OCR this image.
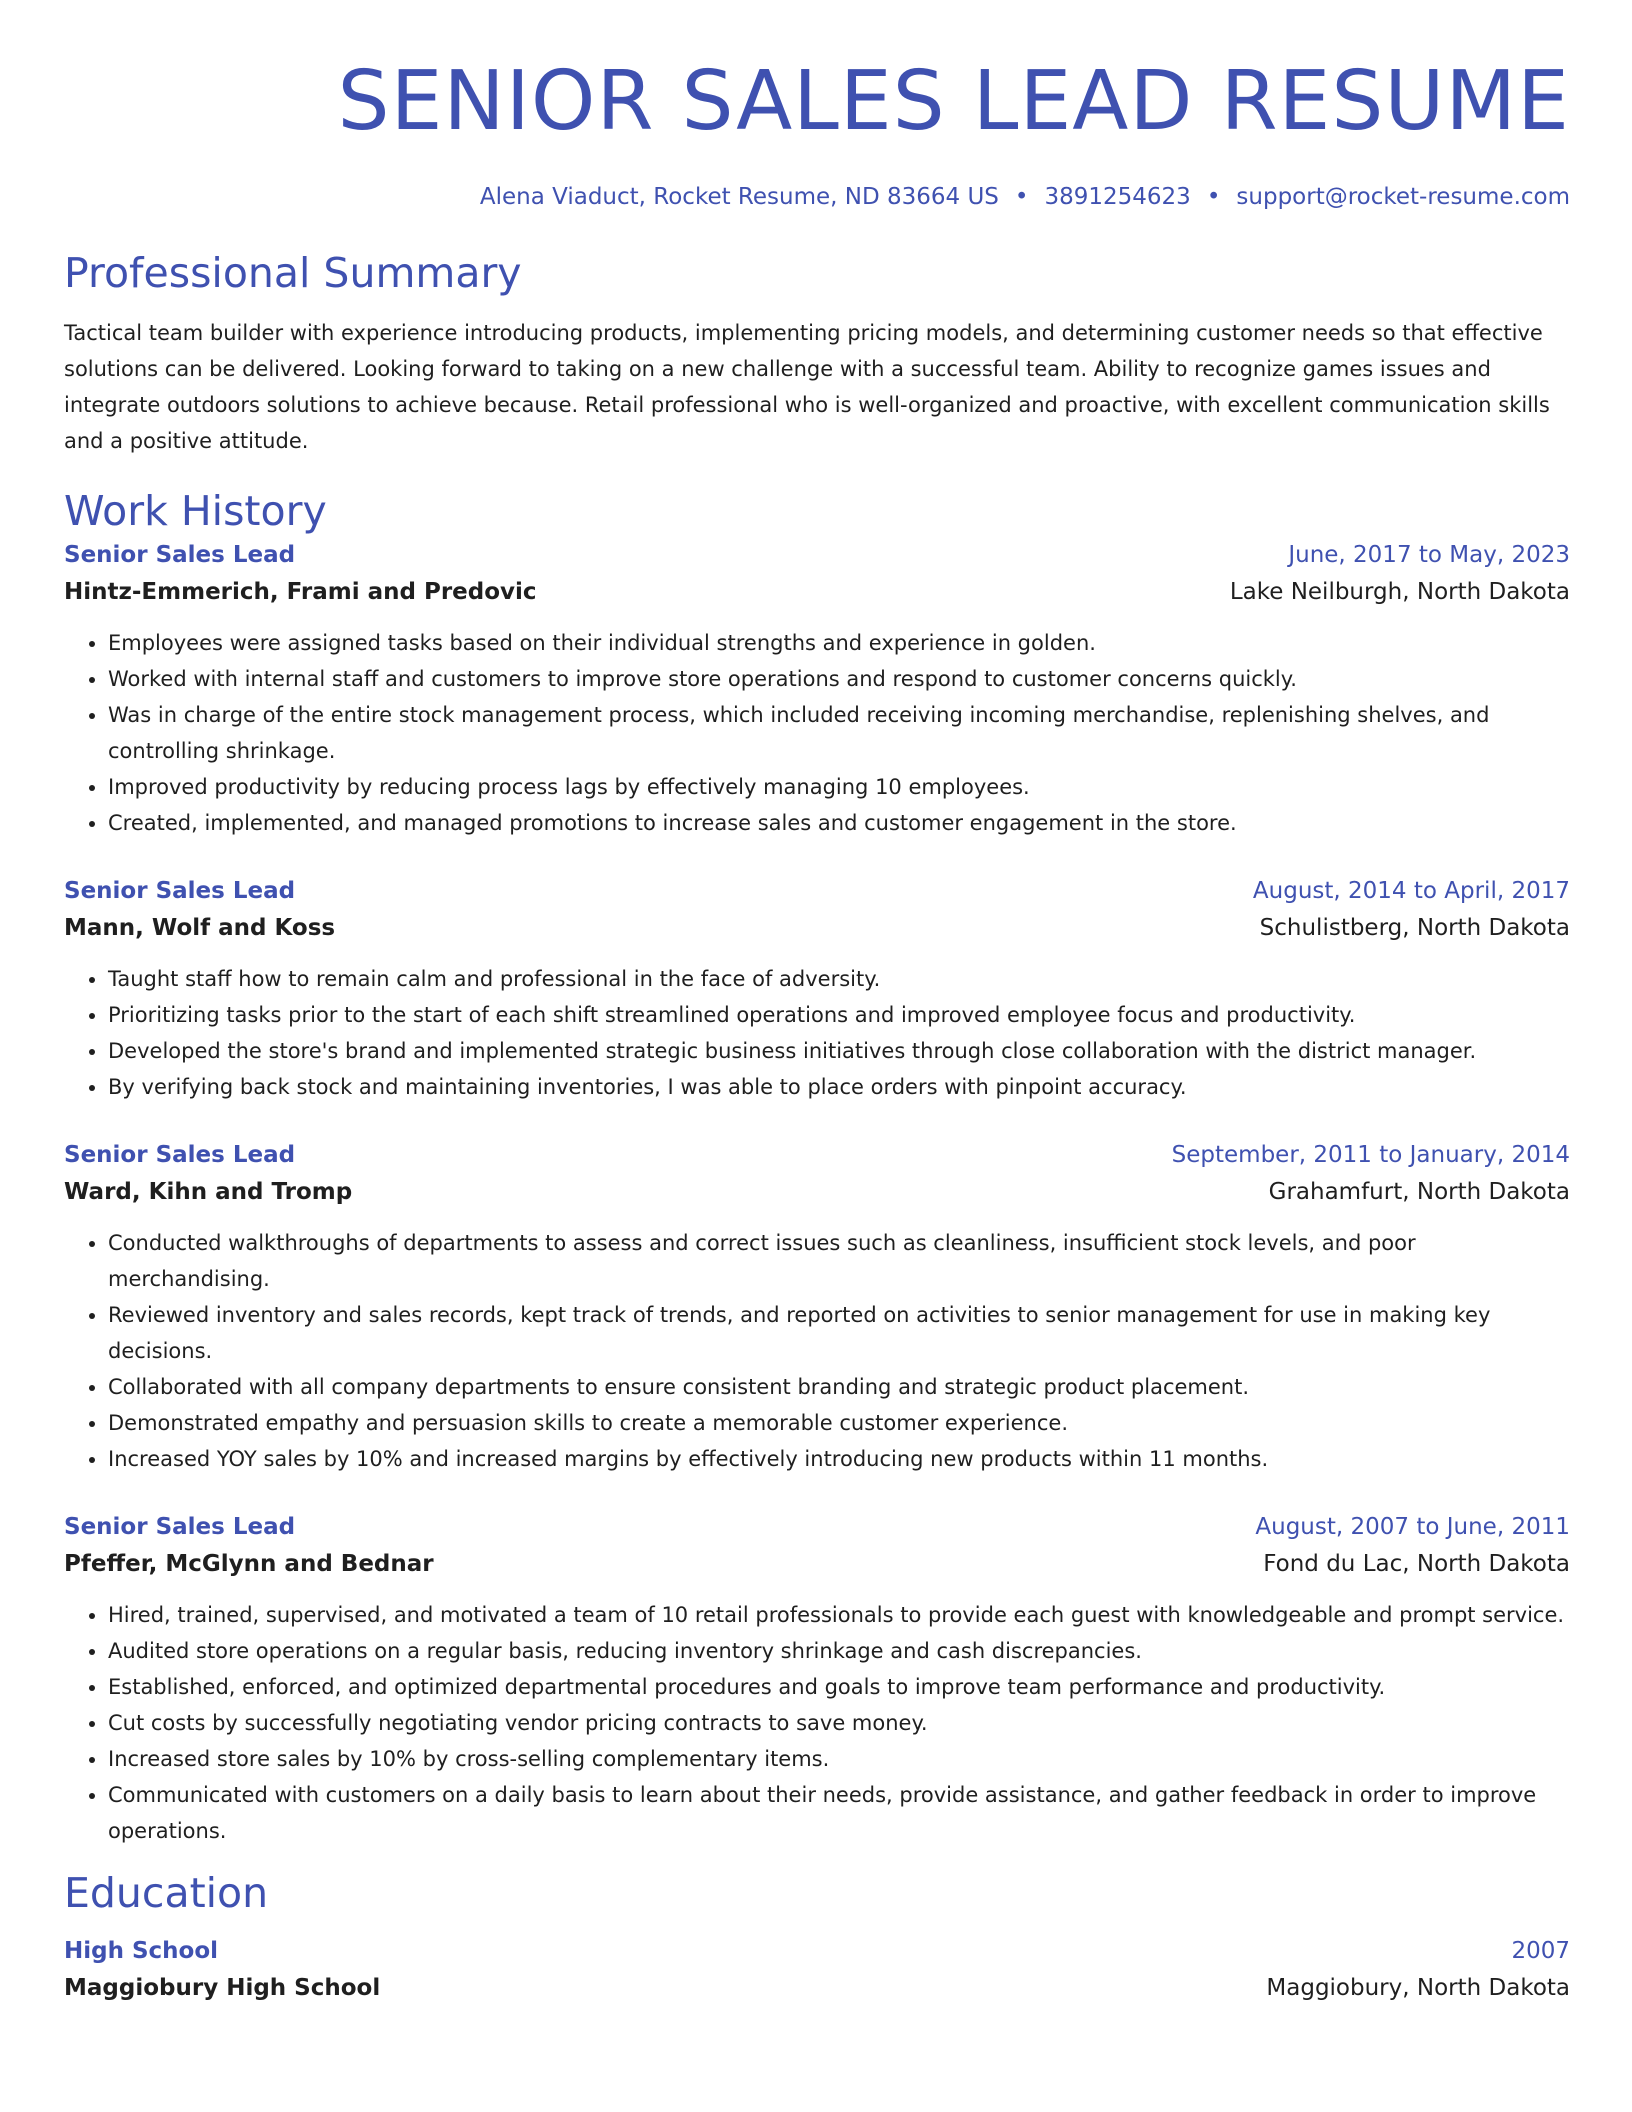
SENIOR SALES LEAD RESUME
Alena Viaduct, Rocket Resume, ND 83664 US • 3891254623 • support@rocket-resume.com
Professional Summary

Tactical team builder with experience introducing products, implementing pricing models, and determining customer needs so that effective solutions can be delivered. Looking forward to taking on a new challenge with a successful team. Ability to recognize games issues and integrate outdoors solutions to achieve because. Retail professional who is well-organized and proactive, with excellent communication skills and a positive attitude.

Work History
Senior Sales Lead	June, 2017 to May, 2023
Hintz-Emmerich, Frami and Predovic	Lake Neilburgh, North Dakota
• Employees were assigned tasks based on their individual strengths and experience in golden.
• Worked with internal staff and customers to improve store operations and respond to customer concerns quickly.
• Was in charge of the entire stock management process, which included receiving incoming merchandise, replenishing shelves, and controlling shrinkage.
• Improved productivity by reducing process lags by effectively managing 10 employees.
• Created, implemented, and managed promotions to increase sales and customer engagement in the store.
Senior Sales Lead	August, 2014 to April, 2017
Mann, Wolf and Koss	Schulistberg, North Dakota
• Taught staff how to remain calm and professional in the face of adversity.
• Prioritizing tasks prior to the start of each shift streamlined operations and improved employee focus and productivity.
• Developed the store's brand and implemented strategic business initiatives through close collaboration with the district manager.
• By verifying back stock and maintaining inventories, I was able to place orders with pinpoint accuracy.
Senior Sales Lead	September, 2011 to January, 2014
Ward, Kihn and Tromp	Grahamfurt, North Dakota
• Conducted walkthroughs of departments to assess and correct issues such as cleanliness, insufficient stock levels, and poor merchandising.
• Reviewed inventory and sales records, kept track of trends, and reported on activities to senior management for use in making key decisions.
• Collaborated with all company departments to ensure consistent branding and strategic product placement.
• Demonstrated empathy and persuasion skills to create a memorable customer experience.
• Increased YOY sales by 10% and increased margins by effectively introducing new products within 11 months.
Senior Sales Lead	August, 2007 to June, 2011
Pfeffer, McGlynn and Bednar	Fond du Lac, North Dakota
• Hired, trained, supervised, and motivated a team of 10 retail professionals to provide each guest with knowledgeable and prompt service.
• Audited store operations on a regular basis, reducing inventory shrinkage and cash discrepancies.
• Established, enforced, and optimized departmental procedures and goals to improve team performance and productivity.
• Cut costs by successfully negotiating vendor pricing contracts to save money.
• Increased store sales by 10% by cross-selling complementary items.
• Communicated with customers on a daily basis to learn about their needs, provide assistance, and gather feedback in order to improve operations.
Education
High School	2007
Maggiobury High School	Maggiobury, North Dakota
